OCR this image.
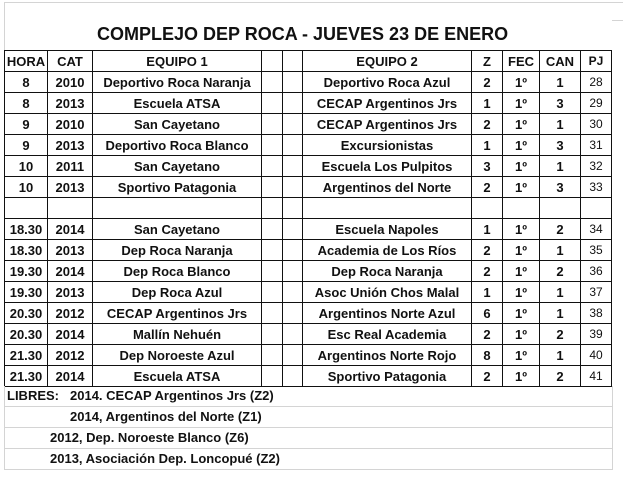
COMPLEJO DEP ROCA - JUEVES 23 DE ENERO
HORA	CAT	EQUIPO 1			EQUIPO 2	Z	FEC	CAN	PJ
8	2010	Deportivo Roca Naranja			Deportivo Roca Azul	2	1º	1	28
8	2013	Escuela ATSA			CECAP Argentinos Jrs	1	1º	3	29
9	2010	San Cayetano			CECAP Argentinos Jrs	2	1º	1	30
9	2013	Deportivo Roca Blanco			Excursionistas	1	1º	3	31
10	2011	San Cayetano			Escuela Los Pulpitos	3	1º	1	32
10	2013	Sportivo Patagonia			Argentinos del Norte	2	1º	3	33

18.30	2014	San Cayetano			Escuela Napoles	1	1º	2	34
18.30	2013	Dep Roca Naranja			Academia de Los Ríos	2	1º	1	35
19.30	2014	Dep Roca Blanco			Dep Roca Naranja	2	1º	2	36
19.30	2013	Dep Roca Azul			Asoc Unión Chos Malal	1	1º	1	37
20.30	2012	CECAP Argentinos Jrs			Argentinos Norte Azul	6	1º	1	38
20.30	2014	Mallín Nehuén			Esc Real Academia	2	1º	2	39
21.30	2012	Dep Noroeste Azul			Argentinos Norte Rojo	8	1º	1	40
21.30	2014	Escuela ATSA			Sportivo Patagonia	2	1º	2	41
LIBRES: 2014. CECAP Argentinos Jrs (Z2)
2014, Argentinos del Norte (Z1)
2012, Dep. Noroeste Blanco (Z6)
2013, Asociación Dep. Loncopué (Z2)
